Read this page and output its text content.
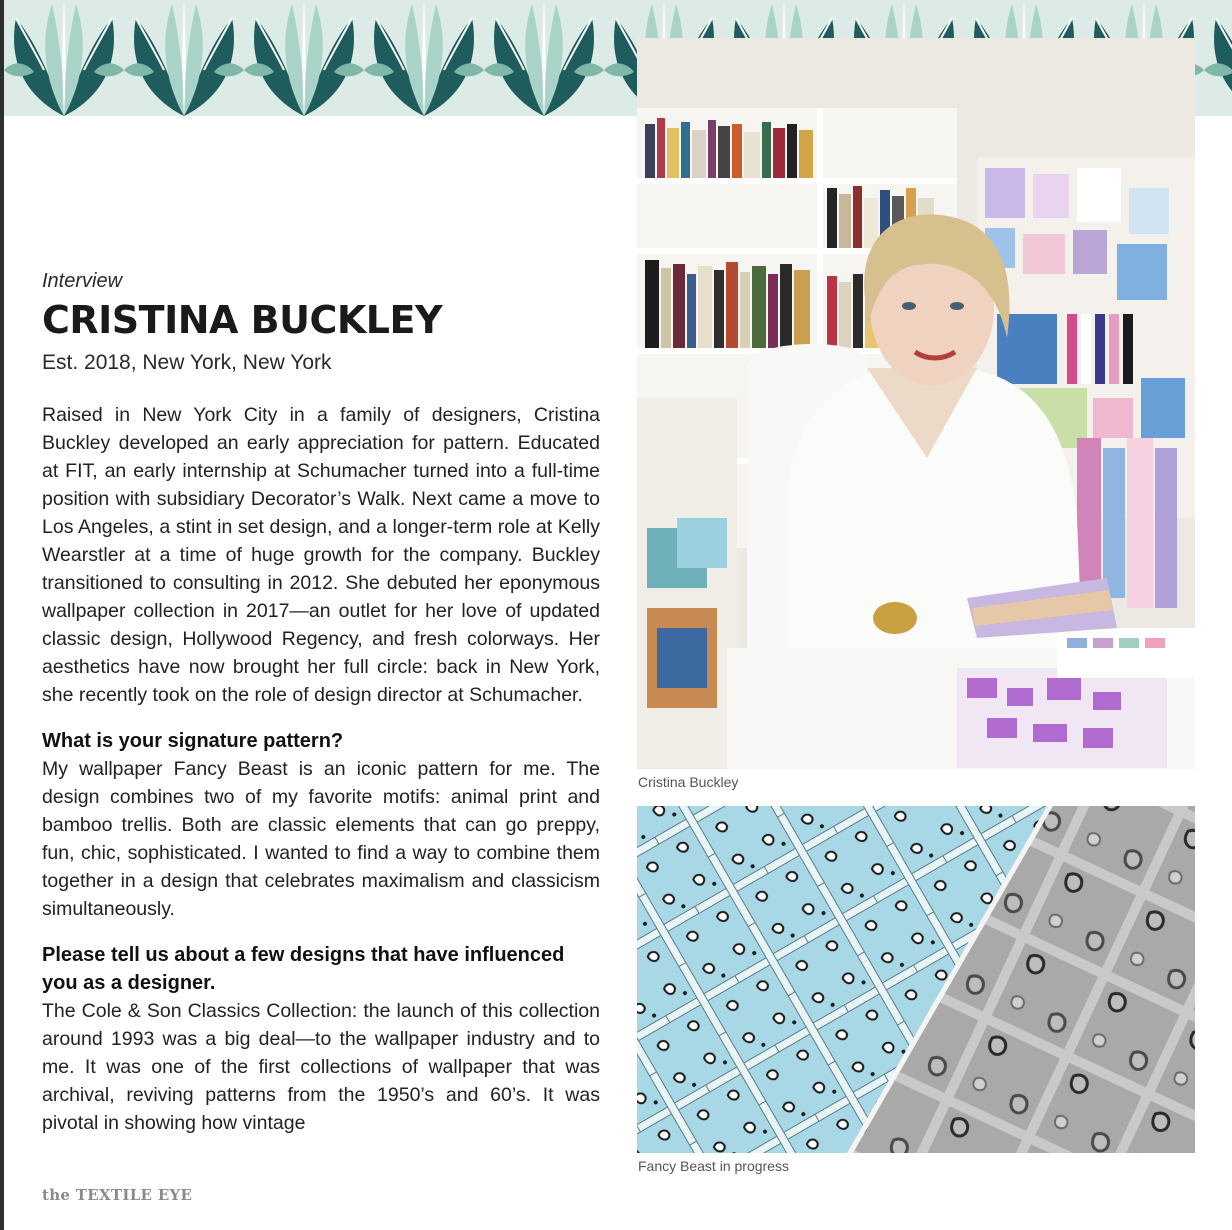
Cristina Buckley
Fancy Beast in progress

Interview

CRISTINA BUCKLEY

Est. 2018, New York, New York

Raised in New York City in a family of designers, Cristina Buckley developed an early appreciation for pattern. Educated at FIT, an early internship at Schumacher turned into a full-time position with subsidiary Decorator’s Walk. Next came a move to Los Angeles, a stint in set design, and a longer-term role at Kelly Wearstler at a time of huge growth for the company. Buckley transitioned to consulting in 2012. She debuted her eponymous wallpaper collection in 2017—an outlet for her love of updated classic design, Hollywood Regency, and fresh colorways. Her aesthetics have now brought her full circle: back in New York, she recently took on the role of design director at Schumacher.

What is your signature pattern?

My wallpaper Fancy Beast is an iconic pattern for me. The design combines two of my favorite motifs: animal print and bamboo trellis. Both are classic elements that can go preppy, fun, chic, sophisticated. I wanted to find a way to combine them together in a design that celebrates maximalism and classicism simultaneously.

Please tell us about a few designs that have influenced you as a designer.

The Cole & Son Classics Collection: the launch of this collection around 1993 was a big deal—to the wallpaper industry and to me. It was one of the first collections of wallpaper that was archival, reviving patterns from the 1950’s and 60’s. It was pivotal in showing how vintage

the TEXTILE EYE
